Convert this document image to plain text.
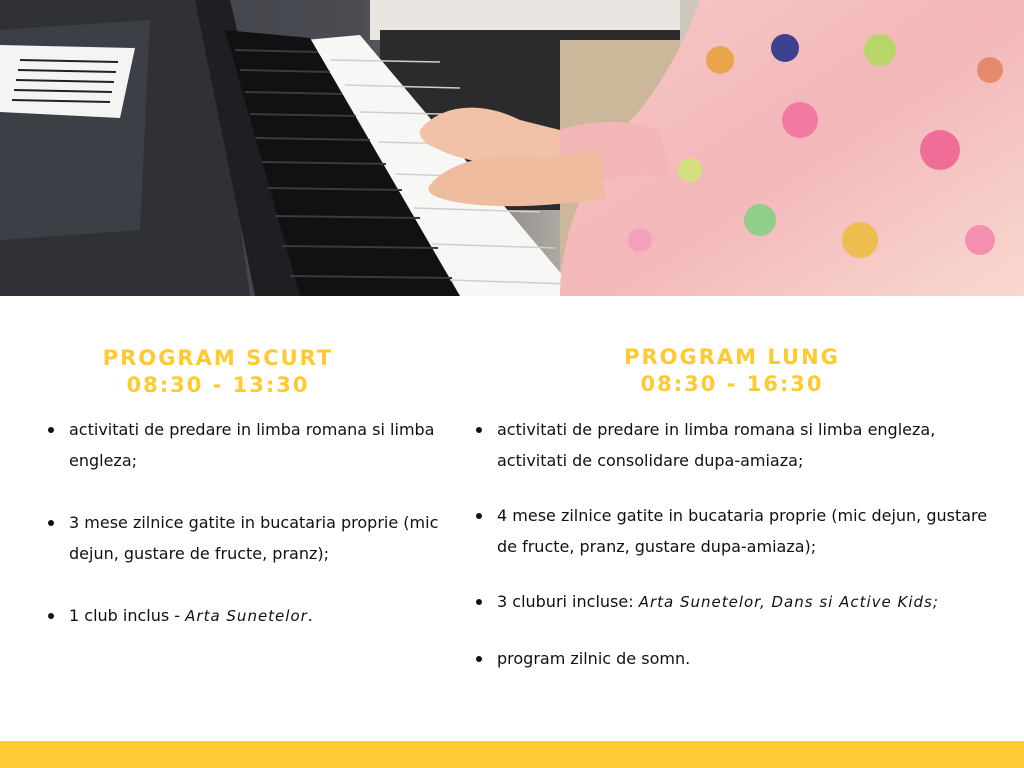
PROGRAM SCURT
08:30 - 13:30
activitati de predare in limba romana si limba engleza;
3 mese zilnice gatite in bucataria proprie (mic dejun, gustare de fructe, pranz);
1 club inclus - Arta Sunetelor.
PROGRAM LUNG
08:30 - 16:30
activitati de predare in limba romana si limba engleza, activitati de consolidare dupa-amiaza;
4 mese zilnice gatite in bucataria proprie (mic dejun, gustare de fructe, pranz, gustare dupa-amiaza);
3 cluburi incluse: Arta Sunetelor, Dans si Active Kids;
program zilnic de somn.
